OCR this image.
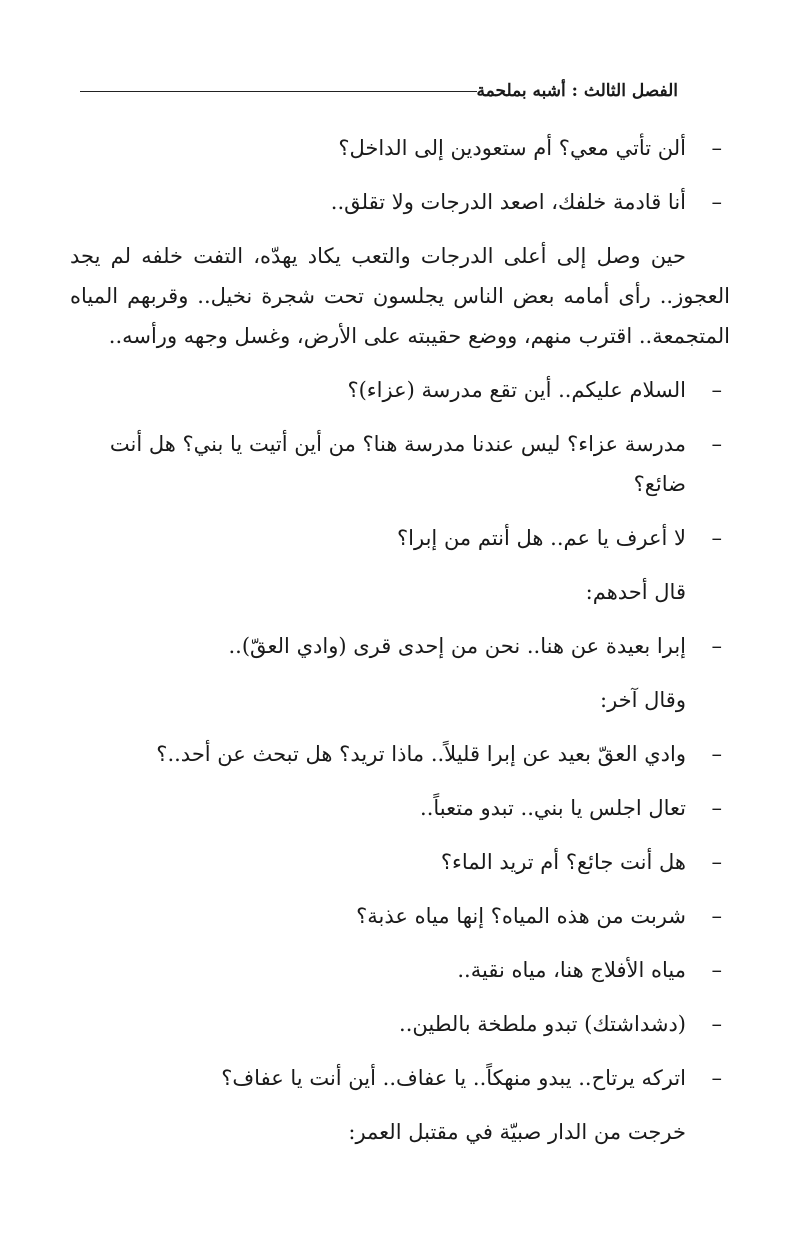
الفصل الثالث : أشبه بملحمة
–
ألن تأتي معي؟ أم ستعودين إلى الداخل؟
–
أنا قادمة خلفك، اصعد الدرجات ولا تقلق..
حين وصل إلى أعلى الدرجات والتعب يكاد يهدّه، التفت خلفه لم يجد العجوز.. رأى أمامه بعض الناس يجلسون تحت شجرة نخيل.. وقربهم المياه المتجمعة.. اقترب منهم، ووضع حقيبته على الأرض، وغسل وجهه ورأسه..
–
السلام عليكم.. أين تقع مدرسة (عزاء)؟
–
مدرسة عزاء؟ ليس عندنا مدرسة هنا؟ من أين أتيت يا بني؟ هل أنت ضائع؟
–
لا أعرف يا عم.. هل أنتم من إبرا؟
قال أحدهم:
–
إبرا بعيدة عن هنا.. نحن من إحدى قرى (وادي العقّ)..
وقال آخر:
–
وادي العقّ بعيد عن إبرا قليلاً.. ماذا تريد؟ هل تبحث عن أحد..؟
–
تعال اجلس يا بني.. تبدو متعباً..
–
هل أنت جائع؟ أم تريد الماء؟
–
شربت من هذه المياه؟ إنها مياه عذبة؟
–
مياه الأفلاج هنا، مياه نقية..
–
(دشداشتك) تبدو ملطخة بالطين..
–
اتركه يرتاح.. يبدو منهكاً.. يا عفاف.. أين أنت يا عفاف؟
خرجت من الدار صبيّة في مقتبل العمر:
